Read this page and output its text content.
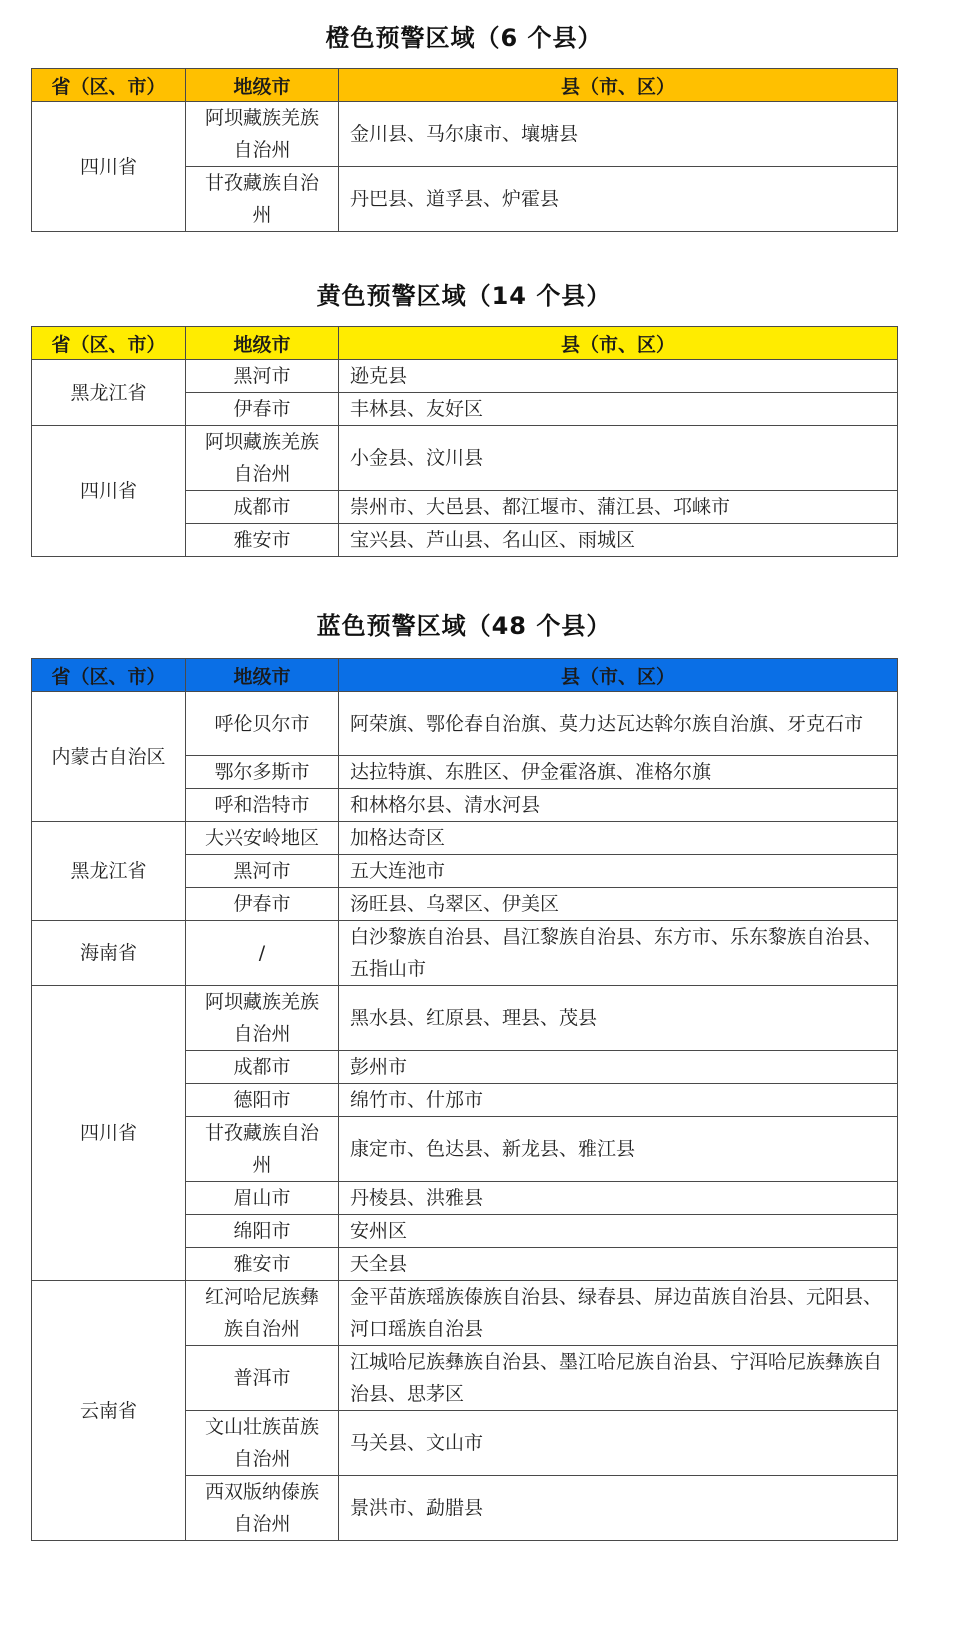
橙色预警区域（6 个县）
省（区、市）	地级市	县（市、区）
四川省	阿坝藏族羌族自治州	金川县、马尔康市、壤塘县
	甘孜藏族自治州	丹巴县、道孚县、炉霍县
黄色预警区域（14 个县）
省（区、市）	地级市	县（市、区）
黑龙江省	黑河市	逊克县
	伊春市	丰林县、友好区
四川省	阿坝藏族羌族自治州	小金县、汶川县
	成都市	崇州市、大邑县、都江堰市、蒲江县、邛崃市
	雅安市	宝兴县、芦山县、名山区、雨城区
蓝色预警区域（48 个县）
省（区、市）	地级市	县（市、区）
内蒙古自治区	呼伦贝尔市	阿荣旗、鄂伦春自治旗、莫力达瓦达斡尔族自治旗、牙克石市
	鄂尔多斯市	达拉特旗、东胜区、伊金霍洛旗、准格尔旗
	呼和浩特市	和林格尔县、清水河县
黑龙江省	大兴安岭地区	加格达奇区
	黑河市	五大连池市
	伊春市	汤旺县、乌翠区、伊美区
海南省	/	白沙黎族自治县、昌江黎族自治县、东方市、乐东黎族自治县、五指山市
四川省	阿坝藏族羌族自治州	黑水县、红原县、理县、茂县
	成都市	彭州市
	德阳市	绵竹市、什邡市
	甘孜藏族自治州	康定市、色达县、新龙县、雅江县
	眉山市	丹棱县、洪雅县
	绵阳市	安州区
	雅安市	天全县
云南省	红河哈尼族彝族自治州	金平苗族瑶族傣族自治县、绿春县、屏边苗族自治县、元阳县、河口瑶族自治县
	普洱市	江城哈尼族彝族自治县、墨江哈尼族自治县、宁洱哈尼族彝族自治县、思茅区
	文山壮族苗族自治州	马关县、文山市
	西双版纳傣族自治州	景洪市、勐腊县
